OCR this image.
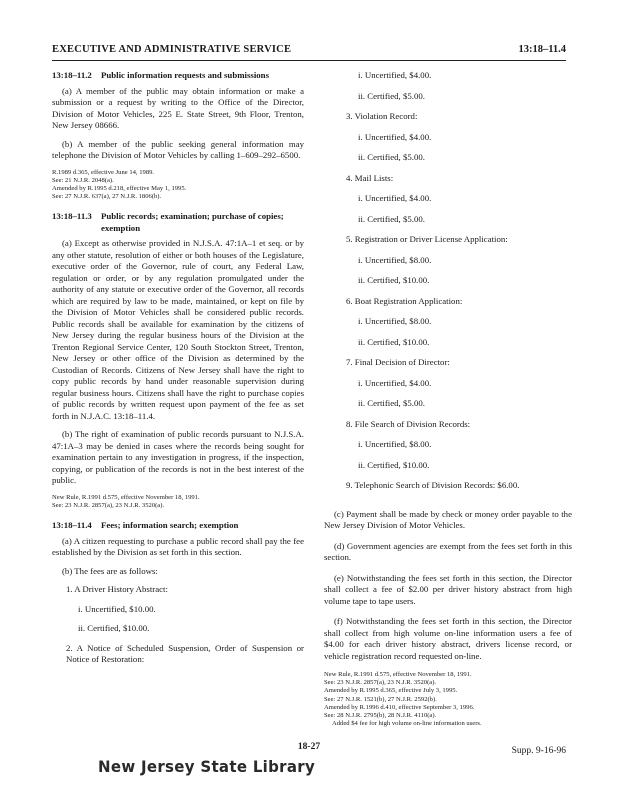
EXECUTIVE AND ADMINISTRATIVE SERVICE	13:18–11.4
13:18–11.2 Public information requests and submissions

(a) A member of the public may obtain information or make a submission or a request by writing to the Office of the Director, Division of Motor Vehicles, 225 E. State Street, 9th Floor, Trenton, New Jersey 08666.

(b) A member of the public seeking general information may telephone the Division of Motor Vehicles by calling 1–609–292–6500.

R.1989 d.365, effective June 14, 1989.
See: 21 N.J.R. 2048(a).
Amended by R.1995 d.218, effective May 1, 1995.
See: 27 N.J.R. 637(a), 27 N.J.R. 1806(b).
13:18–11.3	Public records; examination; purchase of copies; exemption

(a) Except as otherwise provided in N.J.S.A. 47:1A–1 et seq. or by any other statute, resolution of either or both houses of the Legislature, executive order of the Governor, rule of court, any Federal Law, regulation or order, or by any regulation promulgated under the authority of any statute or executive order of the Governor, all records which are required by law to be made, maintained, or kept on file by the Division of Motor Vehicles shall be considered public records. Public records shall be available for examination by the citizens of New Jersey during the regular business hours of the Division at the Trenton Regional Service Center, 120 South Stockton Street, Trenton, New Jersey or other office of the Division as determined by the Custodian of Records. Citizens of New Jersey shall have the right to copy public records by hand under reasonable supervision during regular business hours. Citizens shall have the right to purchase copies of public records by written request upon payment of the fee as set forth in N.J.A.C. 13:18–11.4.

(b) The right of examination of public records pursuant to N.J.S.A. 47:1A–3 may be denied in cases where the records being sought for examination pertain to any investigation in progress, if the inspection, copying, or publication of the records is not in the best interest of the public.

New Rule, R.1991 d.575, effective November 18, 1991.
See: 23 N.J.R. 2857(a), 23 N.J.R. 3520(a).
13:18–11.4 Fees; information search; exemption

(a) A citizen requesting to purchase a public record shall pay the fee established by the Division as set forth in this section.

(b) The fees are as follows:

1. A Driver History Abstract:
i. Uncertified, $10.00.
ii. Certified, $10.00.
2. A Notice of Scheduled Suspension, Order of Suspension or Notice of Restoration:
i. Uncertified, $4.00.
ii. Certified, $5.00.
3. Violation Record:
i. Uncertified, $4.00.
ii. Certified, $5.00.
4. Mail Lists:
i. Uncertified, $4.00.
ii. Certified, $5.00.
5. Registration or Driver License Application:
i. Uncertified, $8.00.
ii. Certified, $10.00.
6. Boat Registration Application:
i. Uncertified, $8.00.
ii. Certified, $10.00.
7. Final Decision of Director:
i. Uncertified, $4.00.
ii. Certified, $5.00.
8. File Search of Division Records:
i. Uncertified, $8.00.
ii. Certified, $10.00.
9. Telephonic Search of Division Records: $6.00.

(c) Payment shall be made by check or money order payable to the New Jersey Division of Motor Vehicles.

(d) Government agencies are exempt from the fees set forth in this section.

(e) Notwithstanding the fees set forth in this section, the Director shall collect a fee of $2.00 per driver history abstract from high volume tape to tape users.

(f) Notwithstanding the fees set forth in this section, the Director shall collect from high volume on-line information users a fee of $4.00 for each driver history abstract, drivers license record, or vehicle registration record requested on-line.

New Rule, R.1991 d.575, effective November 18, 1991.
See: 23 N.J.R. 2857(a), 23 N.J.R. 3520(a).
Amended by R.1995 d.365, effective July 3, 1995.
See: 27 N.J.R. 1521(b), 27 N.J.R. 2592(b).
Amended by R.1996 d.410, effective September 3, 1996.
See: 28 N.J.R. 2795(b), 28 N.J.R. 4110(a).
Added $4 fee for high volume on-line information users.
18-27	Supp. 9-16-96
New Jersey State Library
